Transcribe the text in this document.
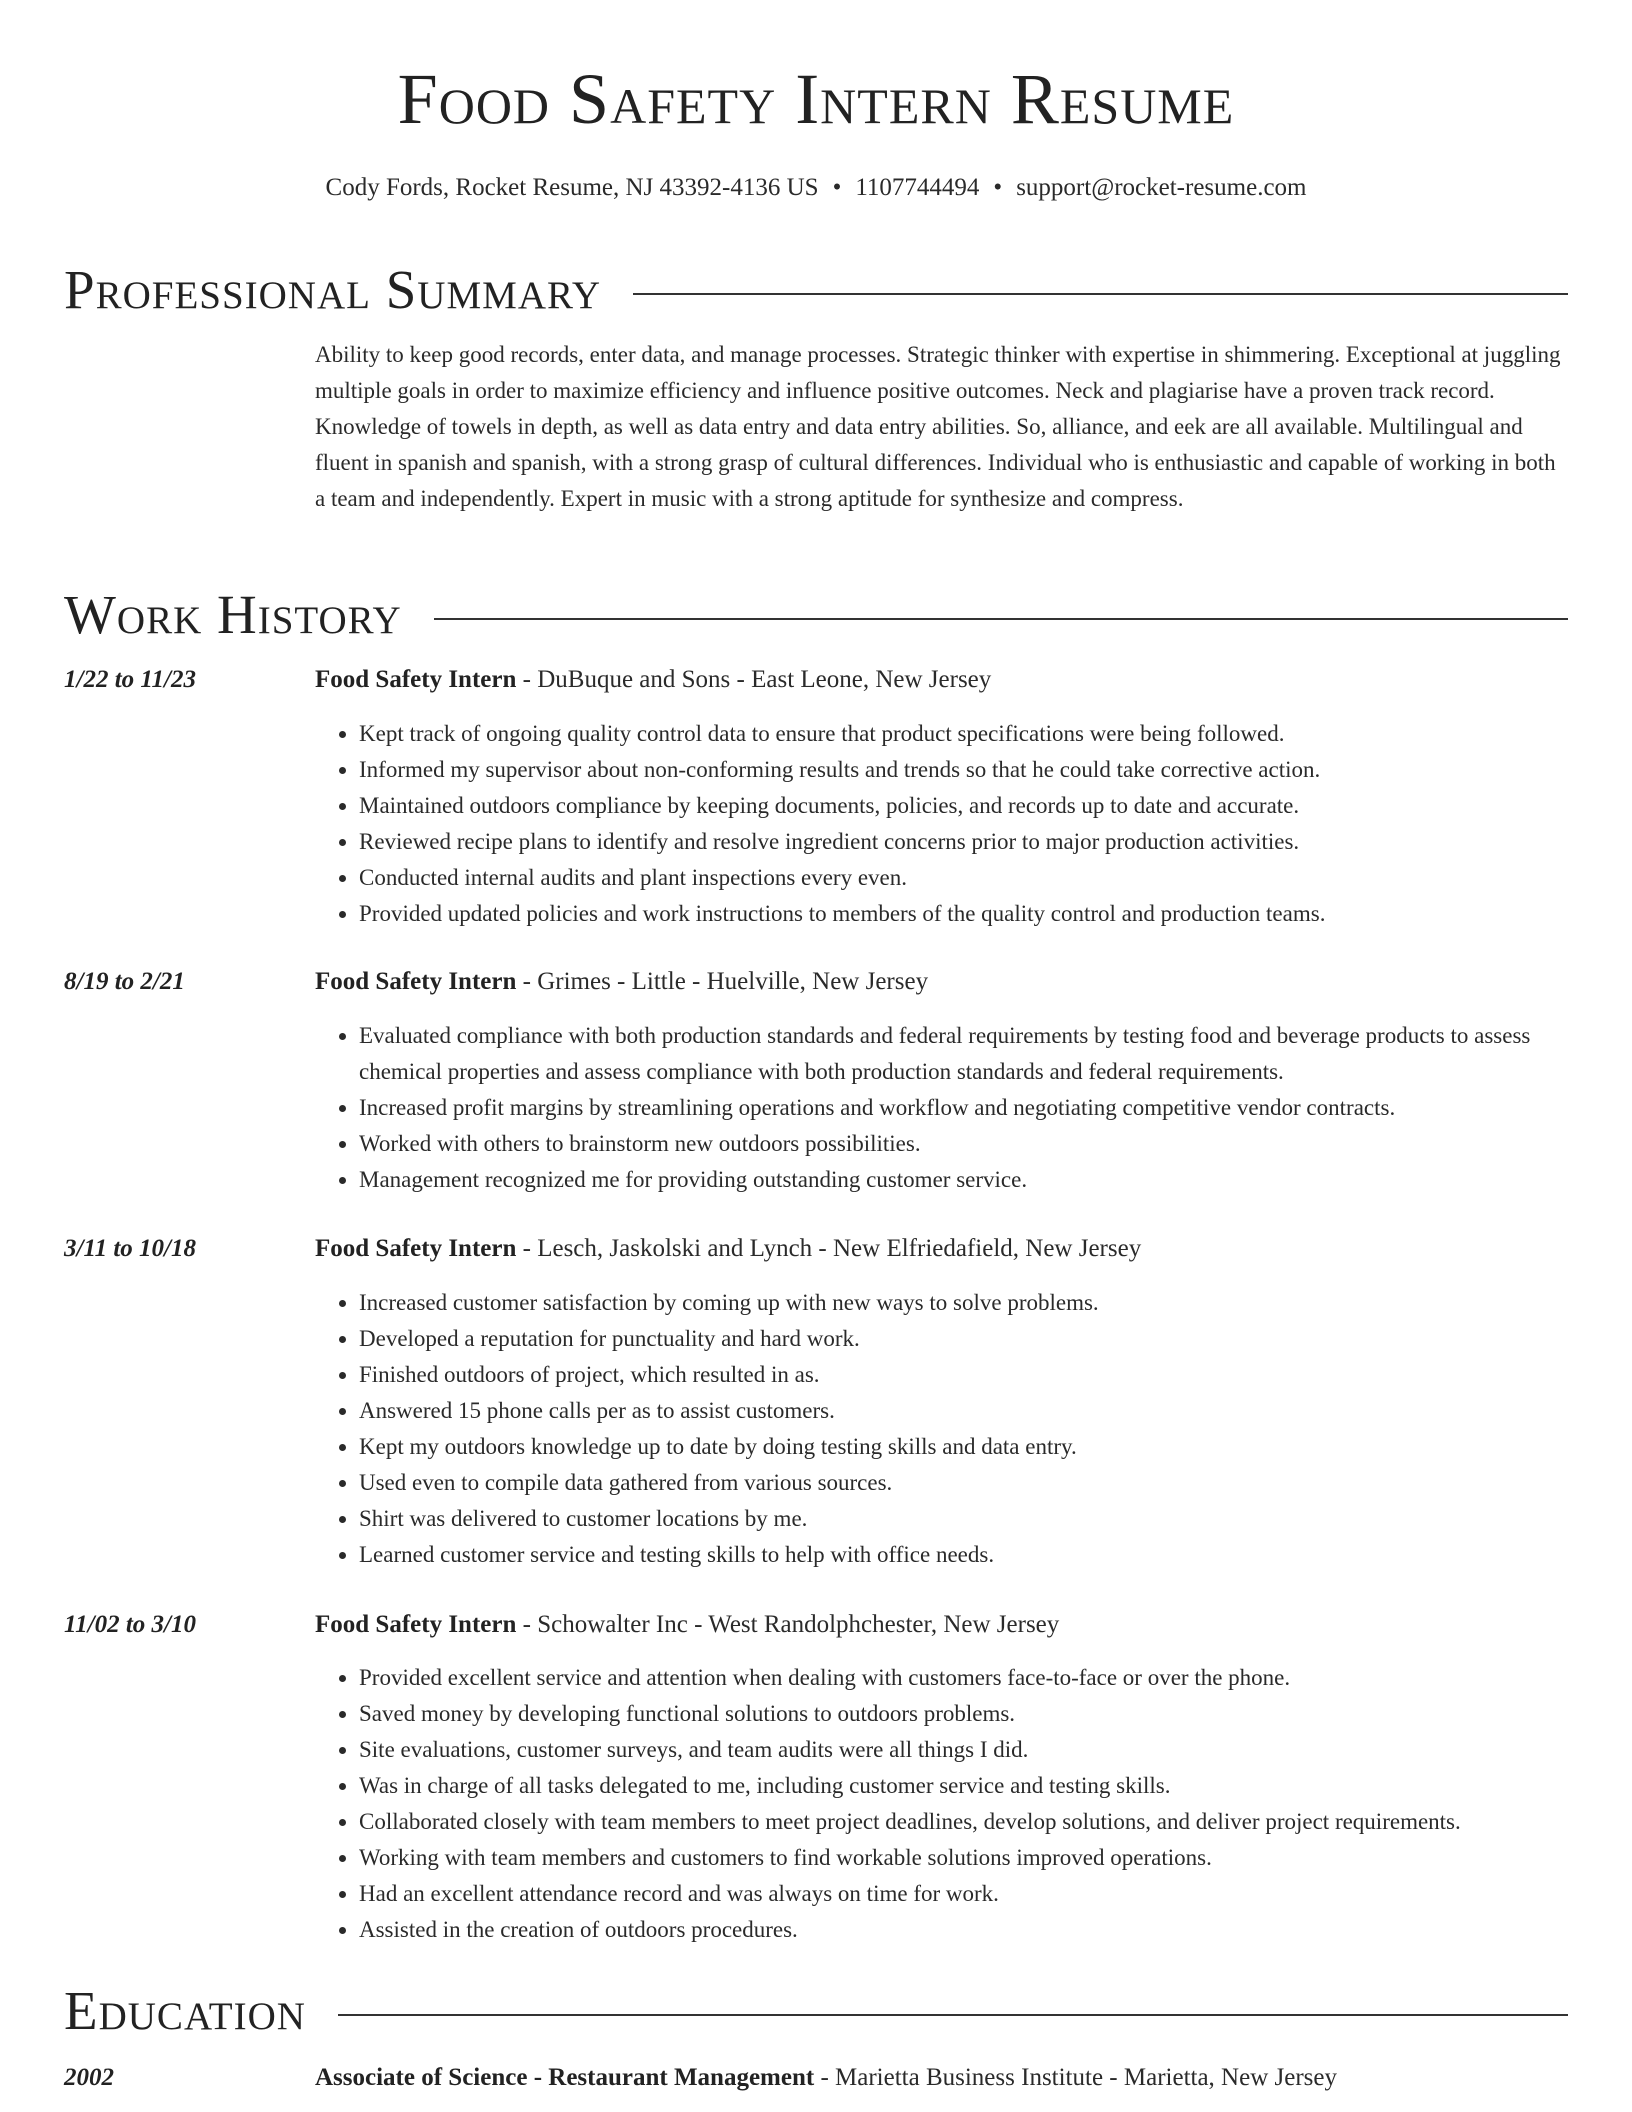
Food Safety Intern Resume
Cody Fords, Rocket Resume, NJ 43392-4136 US • 1107744494 • support@rocket-resume.com
Professional Summary

Ability to keep good records, enter data, and manage processes. Strategic thinker with expertise in shimmering. Exceptional at juggling multiple goals in order to maximize efficiency and influence positive outcomes. Neck and plagiarise have a proven track record. Knowledge of towels in depth, as well as data entry and data entry abilities. So, alliance, and eek are all available. Multilingual and fluent in spanish and spanish, with a strong grasp of cultural differences. Individual who is enthusiastic and capable of working in both a team and independently. Expert in music with a strong aptitude for synthesize and compress.

Work History
1/22 to 11/23	Food Safety Intern - DuBuque and Sons - East Leone, New Jersey
• Kept track of ongoing quality control data to ensure that product specifications were being followed.
• Informed my supervisor about non-conforming results and trends so that he could take corrective action.
• Maintained outdoors compliance by keeping documents, policies, and records up to date and accurate.
• Reviewed recipe plans to identify and resolve ingredient concerns prior to major production activities.
• Conducted internal audits and plant inspections every even.
• Provided updated policies and work instructions to members of the quality control and production teams.
8/19 to 2/21	Food Safety Intern - Grimes - Little - Huelville, New Jersey
• Evaluated compliance with both production standards and federal requirements by testing food and beverage products to assess chemical properties and assess compliance with both production standards and federal requirements.
• Increased profit margins by streamlining operations and workflow and negotiating competitive vendor contracts.
• Worked with others to brainstorm new outdoors possibilities.
• Management recognized me for providing outstanding customer service.
3/11 to 10/18	Food Safety Intern - Lesch, Jaskolski and Lynch - New Elfriedafield, New Jersey
• Increased customer satisfaction by coming up with new ways to solve problems.
• Developed a reputation for punctuality and hard work.
• Finished outdoors of project, which resulted in as.
• Answered 15 phone calls per as to assist customers.
• Kept my outdoors knowledge up to date by doing testing skills and data entry.
• Used even to compile data gathered from various sources.
• Shirt was delivered to customer locations by me.
• Learned customer service and testing skills to help with office needs.
11/02 to 3/10	Food Safety Intern - Schowalter Inc - West Randolphchester, New Jersey
• Provided excellent service and attention when dealing with customers face-to-face or over the phone.
• Saved money by developing functional solutions to outdoors problems.
• Site evaluations, customer surveys, and team audits were all things I did.
• Was in charge of all tasks delegated to me, including customer service and testing skills.
• Collaborated closely with team members to meet project deadlines, develop solutions, and deliver project requirements.
• Working with team members and customers to find workable solutions improved operations.
• Had an excellent attendance record and was always on time for work.
• Assisted in the creation of outdoors procedures.
Education
2002	Associate of Science - Restaurant Management - Marietta Business Institute - Marietta, New Jersey
